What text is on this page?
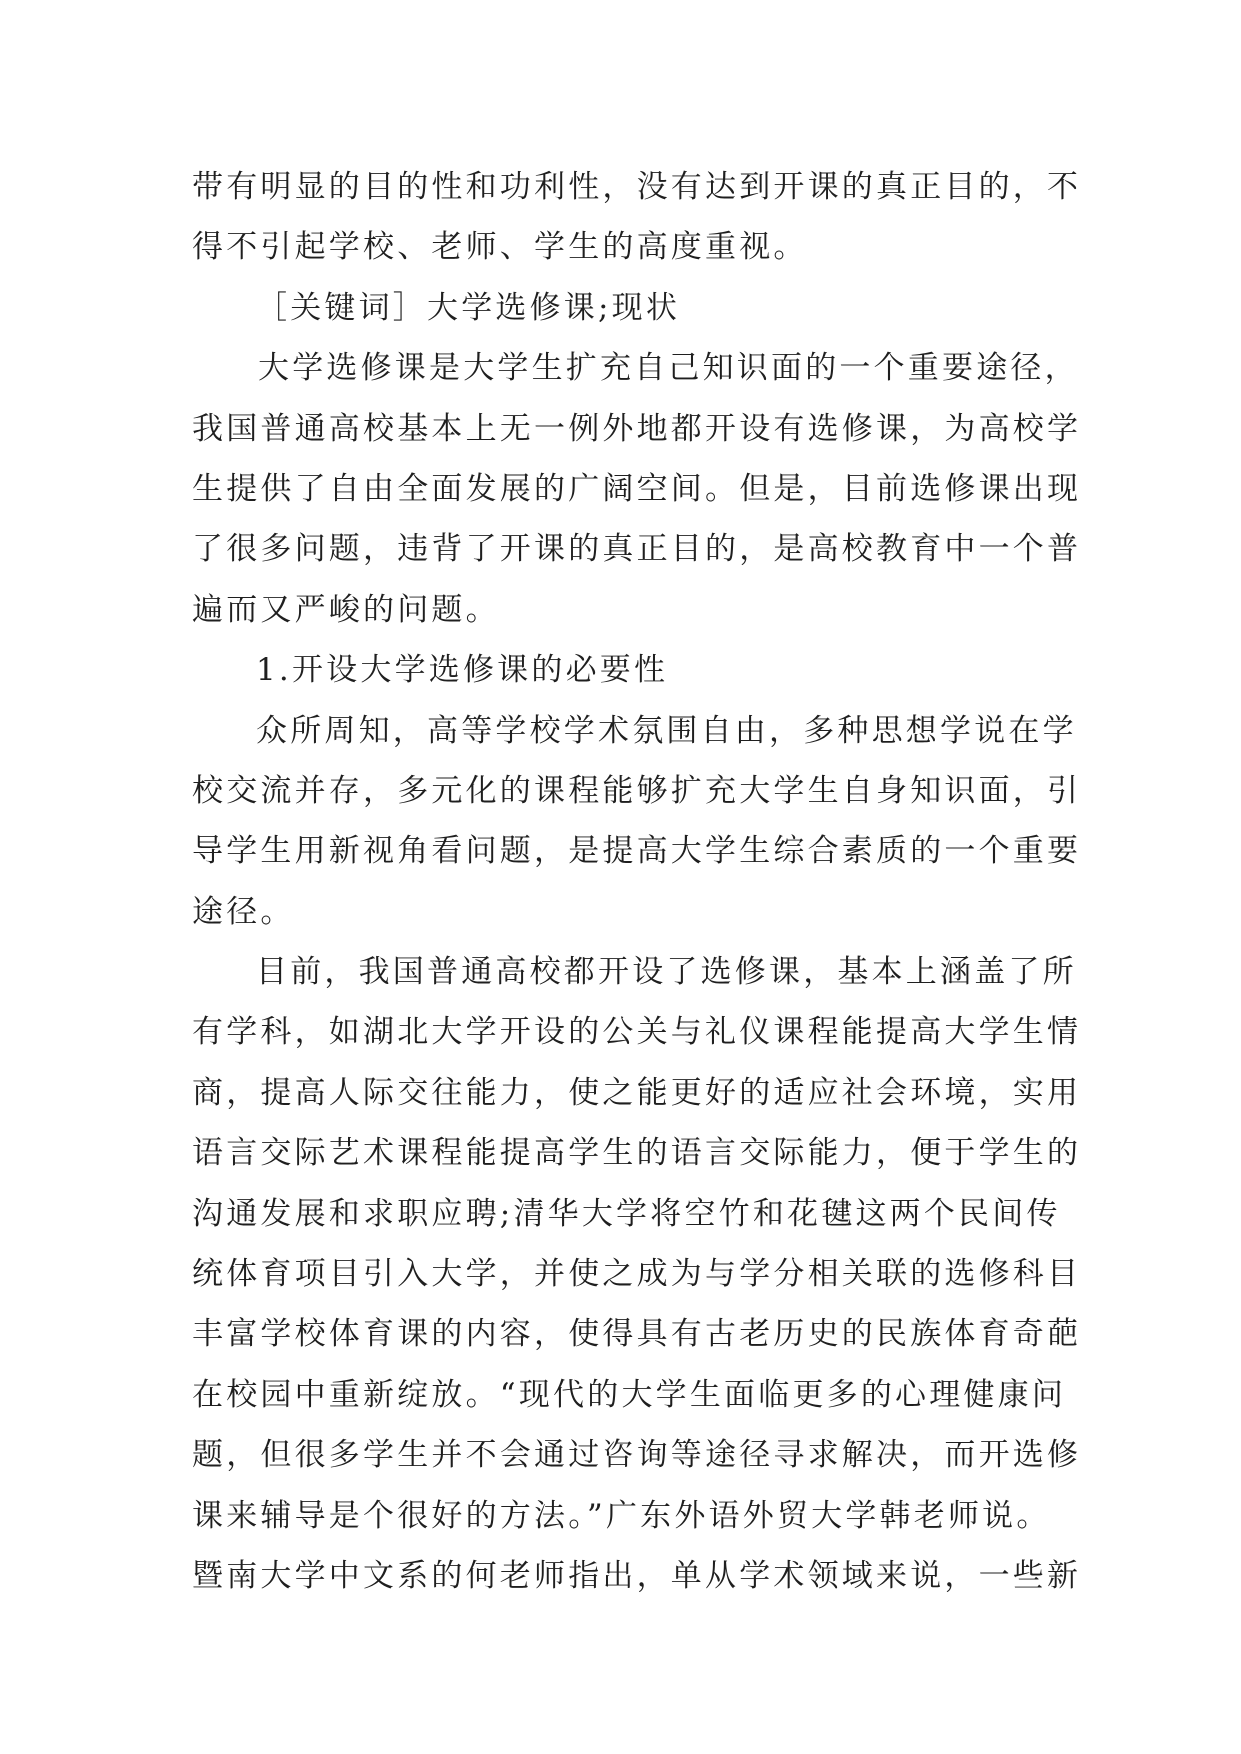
带有明显的目的性和功利性，没有达到开课的真正目的，不
得不引起学校、老师、学生的高度重视。
［关键词］大学选修课;现状
大学选修课是大学生扩充自己知识面的一个重要途径，
我国普通高校基本上无一例外地都开设有选修课，为高校学
生提供了自由全面发展的广阔空间。但是，目前选修课出现
了很多问题，违背了开课的真正目的，是高校教育中一个普
遍而又严峻的问题。
1.开设大学选修课的必要性
众所周知，高等学校学术氛围自由，多种思想学说在学
校交流并存，多元化的课程能够扩充大学生自身知识面，引
导学生用新视角看问题，是提高大学生综合素质的一个重要
途径。
目前，我国普通高校都开设了选修课，基本上涵盖了所
有学科，如湖北大学开设的公关与礼仪课程能提高大学生情
商，提高人际交往能力，使之能更好的适应社会环境，实用
语言交际艺术课程能提高学生的语言交际能力，便于学生的
沟通发展和求职应聘;清华大学将空竹和花毽这两个民间传
统体育项目引入大学，并使之成为与学分相关联的选修科目
丰富学校体育课的内容，使得具有古老历史的民族体育奇葩
在校园中重新绽放。“现代的大学生面临更多的心理健康问
题，但很多学生并不会通过咨询等途径寻求解决，而开选修
课来辅导是个很好的方法。”广东外语外贸大学韩老师说。
暨南大学中文系的何老师指出，单从学术领域来说，一些新
